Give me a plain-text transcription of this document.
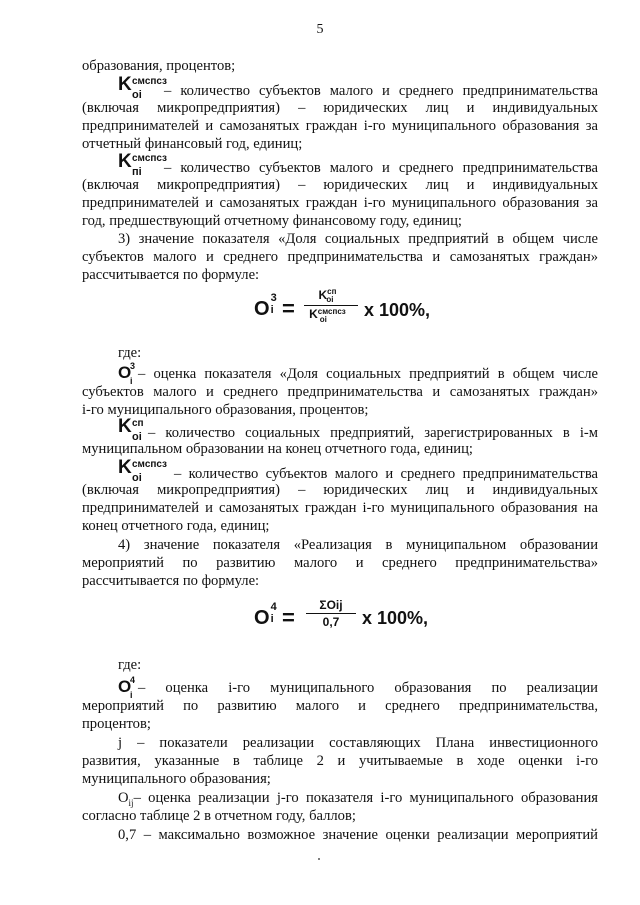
5
образования, процентов;
K смспсз
oi – количество субъектов малого и среднего предпринимательства
(включая микропредприятия) – юридических лиц и индивидуальных
предпринимателей и самозанятых граждан i-го муниципального образования за
отчетный финансовый год, единиц;
K смспсз
пi – количество субъектов малого и среднего предпринимательства
(включая микропредприятия) – юридических лиц и индивидуальных
предпринимателей и самозанятых граждан i-го муниципального образования за
год, предшествующий отчетному финансовому году, единиц;
3) значение показателя «Доля социальных предприятий в общем числе
субъектов малого и среднего предпринимательства и самозанятых граждан»
рассчитывается по формуле:
O 3
i =
$K^{сп}_{oi}$
$K^{смспсз}_{oi}$	x 100%,
где:
O
3
i – оценка показателя «Доля социальных предприятий в общем числе
субъектов малого и среднего предпринимательства и самозанятых граждан»
i-го муниципального образования, процентов;
K сп
oi – количество социальных предприятий, зарегистрированных в i-м
муниципальном образовании на конец отчетного года, единиц;
K смспсз
oi – количество субъектов малого и среднего предпринимательства
(включая микропредприятия) – юридических лиц и индивидуальных
предпринимателей и самозанятых граждан i-го муниципального образования на
конец отчетного года, единиц;
4) значение показателя «Реализация в муниципальном образовании
мероприятий по развитию малого и среднего предпринимательства»
рассчитывается по формуле:
O 4
i =	ΣOij
0,7	x 100%,
где:
O
4
i – оценка i-го муниципального образования по реализации
мероприятий по развитию малого и среднего предпринимательства,
процентов;
j – показатели реализации составляющих Плана инвестиционного
развития, указанные в таблице 2 и учитываемые в ходе оценки i-го
муниципального образования;
$O_{ij}-$ оценка реализации j-го показателя i-го муниципального образования
согласно таблице 2 в отчетном году, баллов;
0,7 – максимально возможное значение оценки реализации мероприятий
